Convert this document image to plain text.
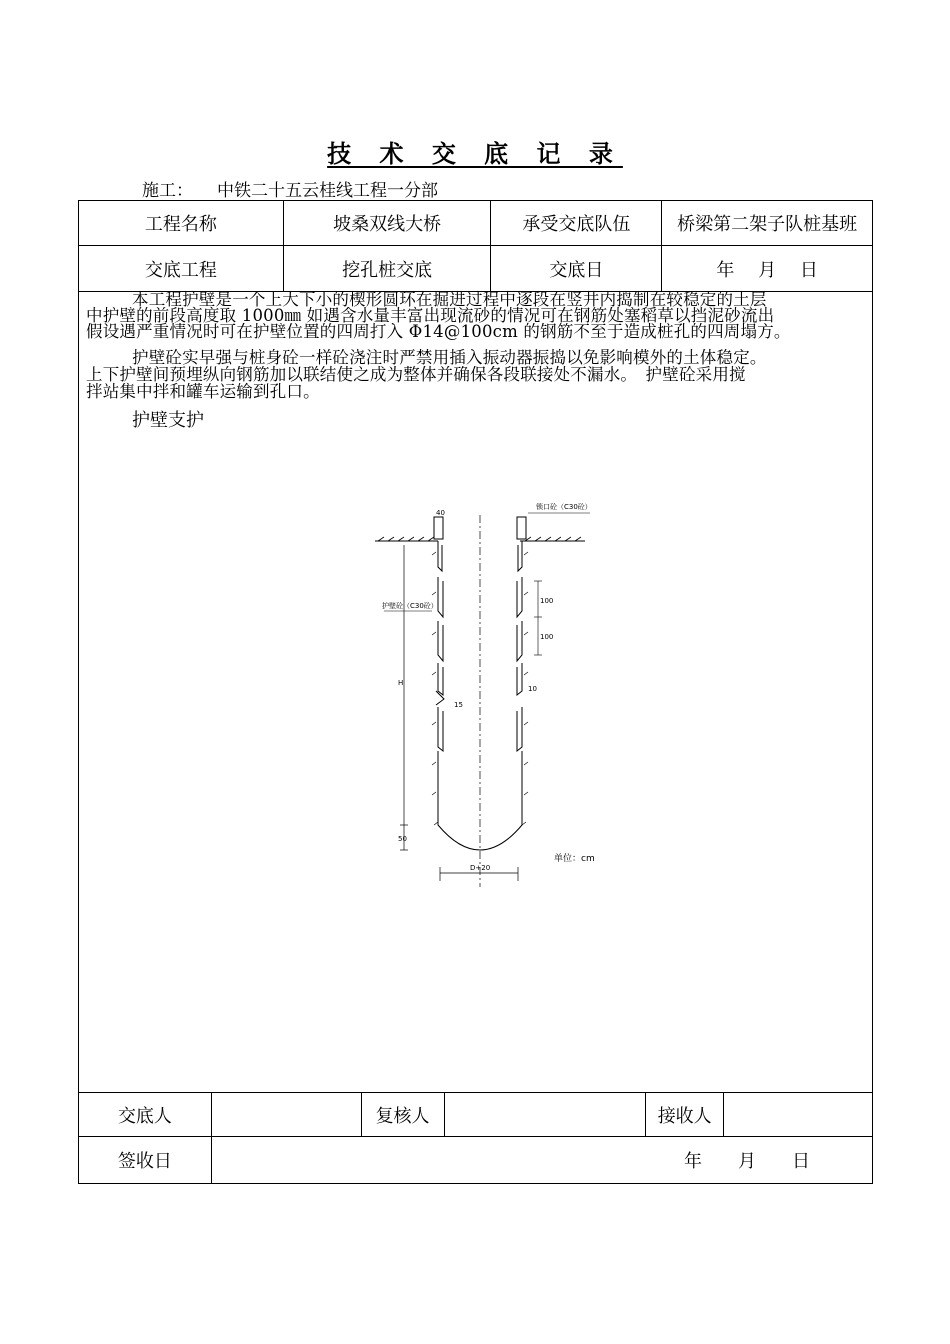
技 术 交 底 记 录
施工： 中铁二十五云桂线工程一分部
工程名称	坡桑双线大桥	承受交底队伍	桥梁第二架子队桩基班
交底工程	挖孔桩交底	交底日	年　 月　 日
本工程护壁是一个上大下小的楔形圆环在掘进过程中逐段在竖井内捣制在较稳定的土层
中护壁的前段高度取 1000㎜ 如遇含水量丰富出现流砂的情况可在钢筋处塞稻草以挡泥砂流出
假设遇严重情况时可在护壁位置的四周打入 Φ14@100cm 的钢筋不至于造成桩孔的四周塌方。
护壁砼实早强与桩身砼一样砼浇注时严禁用插入振动器振捣以免影响模外的土体稳定。
上下护壁间预埋纵向钢筋加以联结使之成为整体并确保各段联接处不漏水。　护壁砼采用搅
拌站集中拌和罐车运输到孔口。
护壁支护
40
锁口砼（C30砼）
护壁砼（C30砼）
H
15
100
100
10
50
D+20
单位：cm
交底人		复核人		接收人	
签收日	年　　月　　日				
